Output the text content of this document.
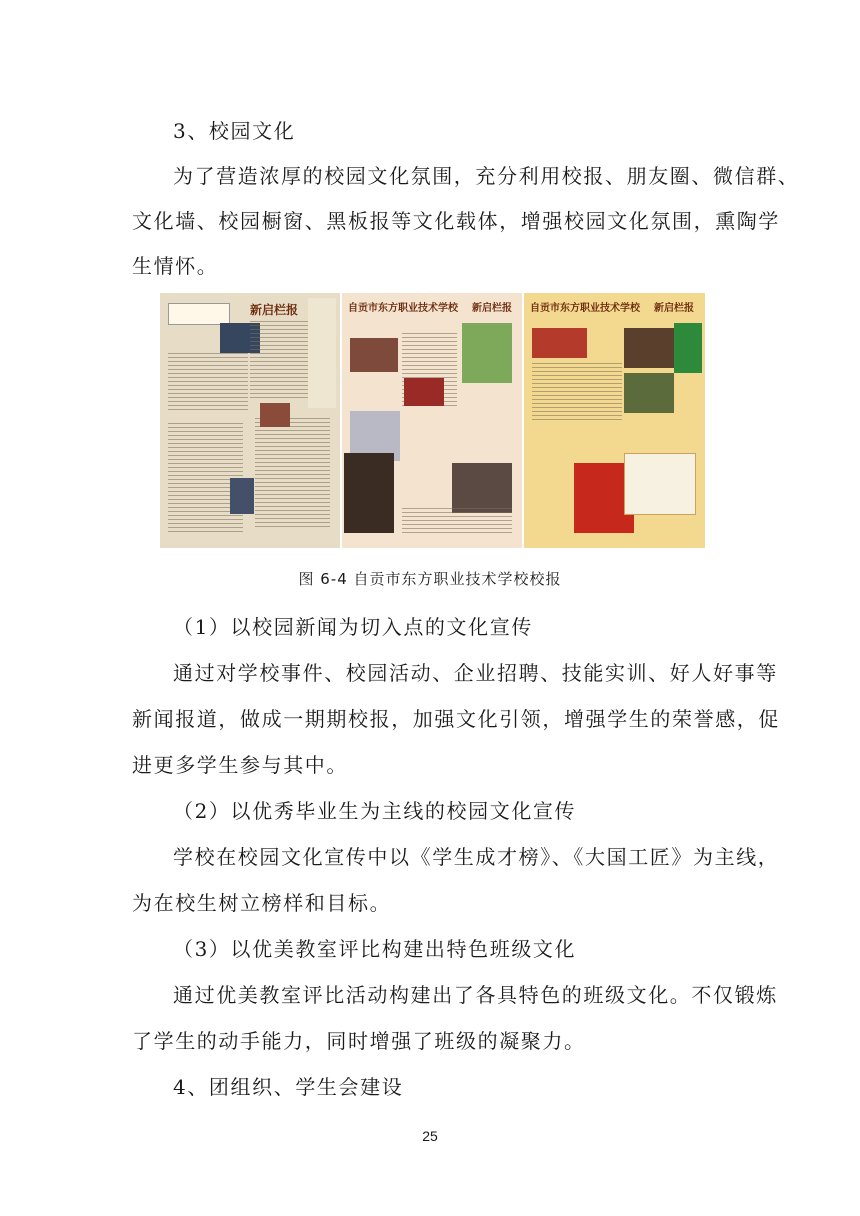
3、校园文化
为了营造浓厚的校园文化氛围，充分利用校报、朋友圈、微信群、
文化墙、校园橱窗、黑板报等文化载体，增强校园文化氛围，熏陶学
生情怀。
新启栏报	自贡市东方职业技术学校 新启栏报 自贡市东方职业技术学校 新启栏报
图 6-4 自贡市东方职业技术学校校报
（1）以校园新闻为切入点的文化宣传
通过对学校事件、校园活动、企业招聘、技能实训、好人好事等
新闻报道，做成一期期校报，加强文化引领，增强学生的荣誉感，促
进更多学生参与其中。
（2）以优秀毕业生为主线的校园文化宣传
学校在校园文化宣传中以《学生成才榜》、《大国工匠》为主线，
为在校生树立榜样和目标。
（3）以优美教室评比构建出特色班级文化
通过优美教室评比活动构建出了各具特色的班级文化。不仅锻炼
了学生的动手能力，同时增强了班级的凝聚力。
4、团组织、学生会建设
25
